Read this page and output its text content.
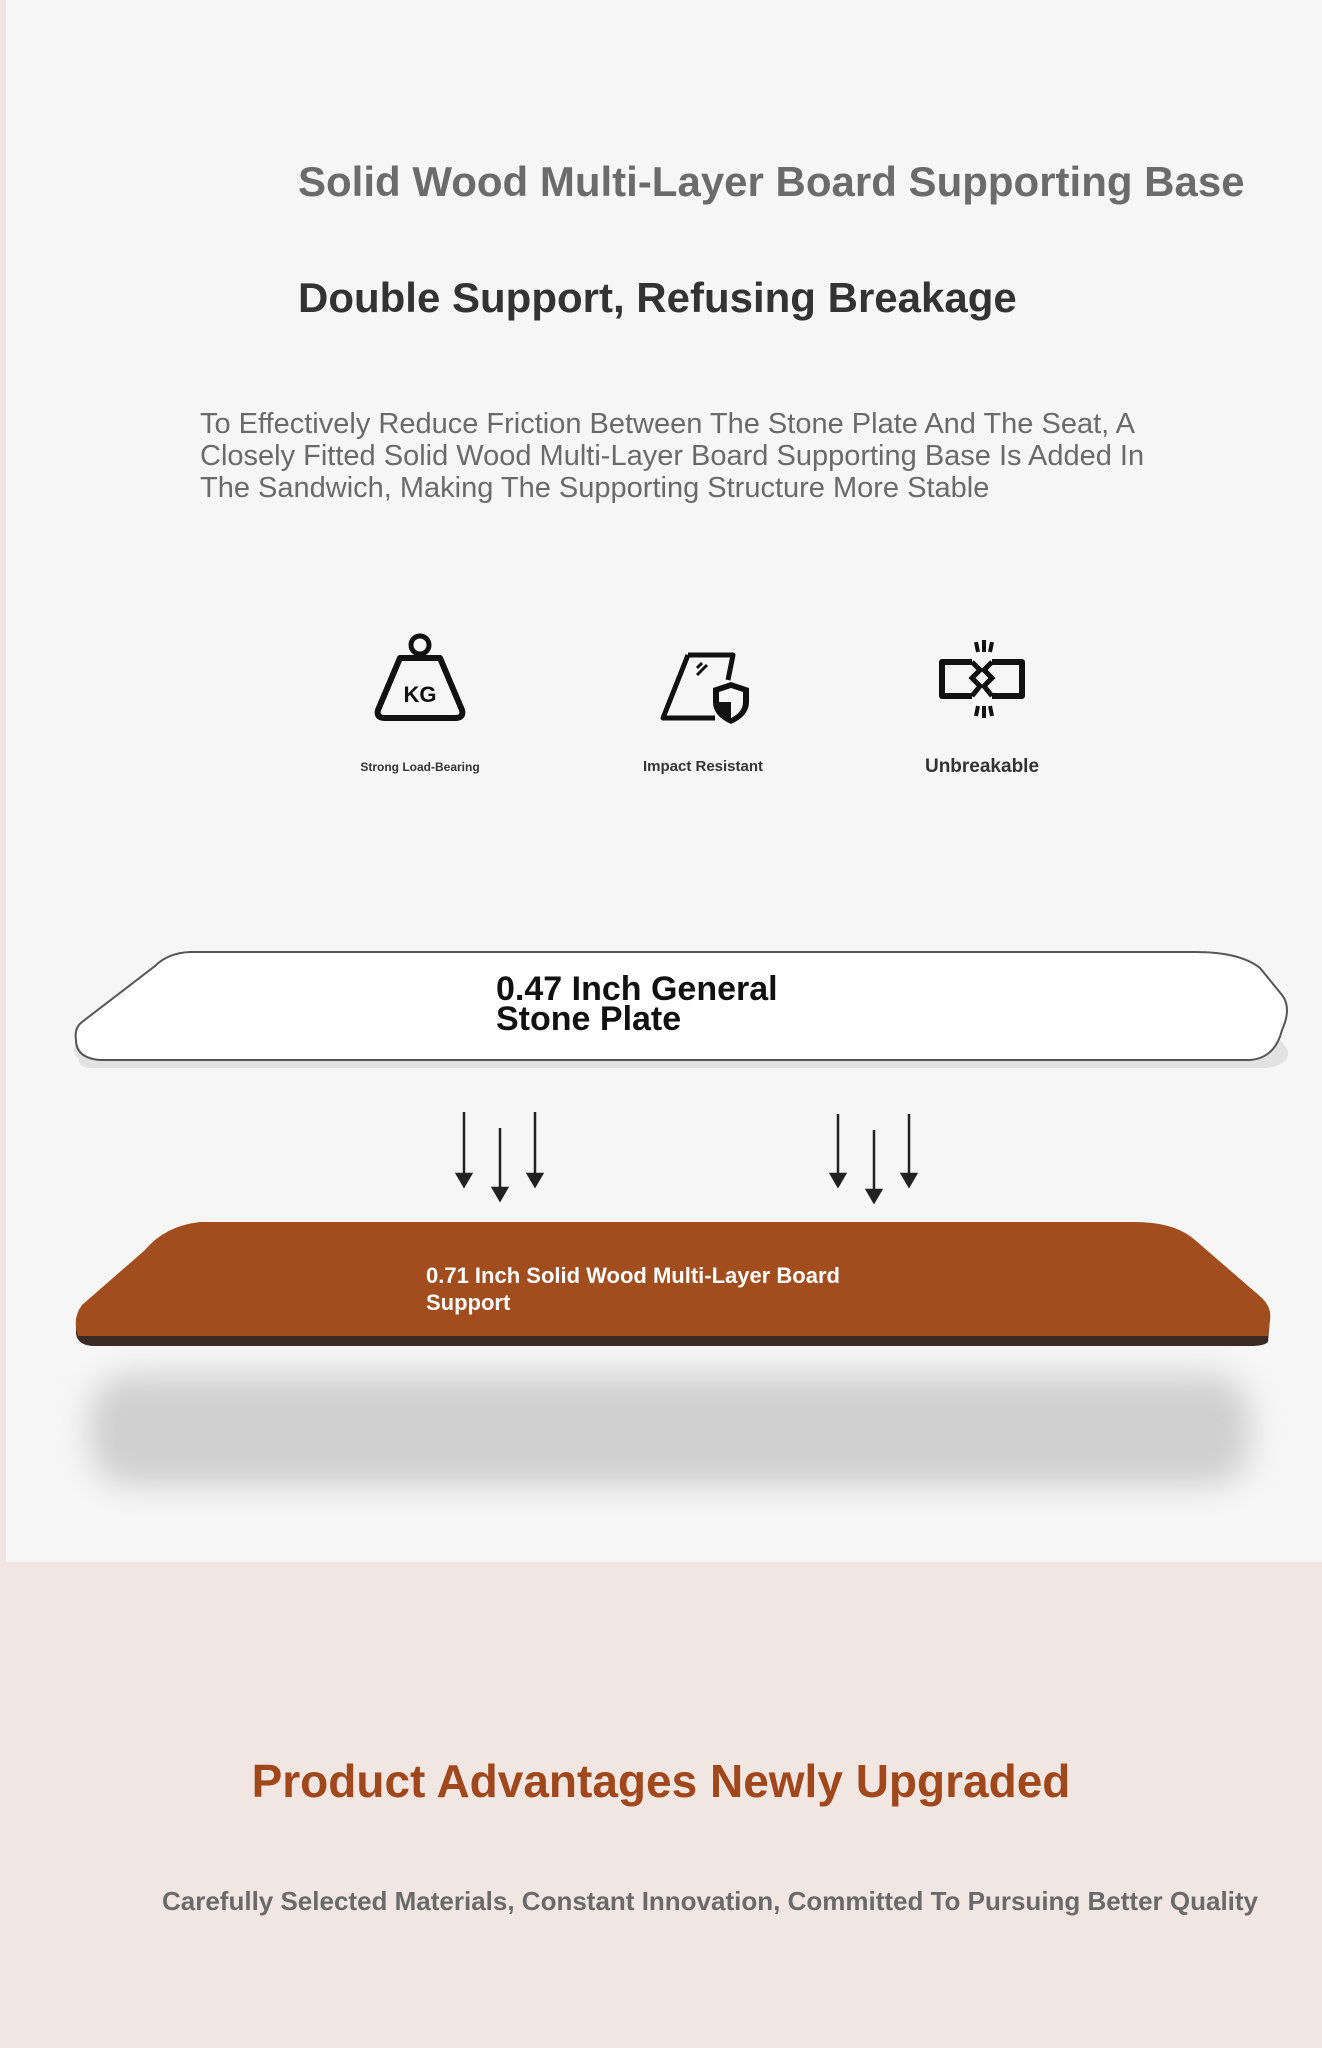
Solid Wood Multi-Layer Board Supporting Base
Double Support, Refusing Breakage
To Effectively Reduce Friction Between The Stone Plate And The Seat, A Closely Fitted Solid Wood Multi-Layer Board Supporting Base Is Added In The Sandwich, Making The Supporting Structure More Stable
KG
Strong Load-Bearing	Impact Resistant	Unbreakable
0.47 Inch General
Stone Plate
0.71 Inch Solid Wood Multi-Layer Board
Support
Product Advantages Newly Upgraded
Carefully Selected Materials, Constant Innovation, Committed To Pursuing Better Quality
